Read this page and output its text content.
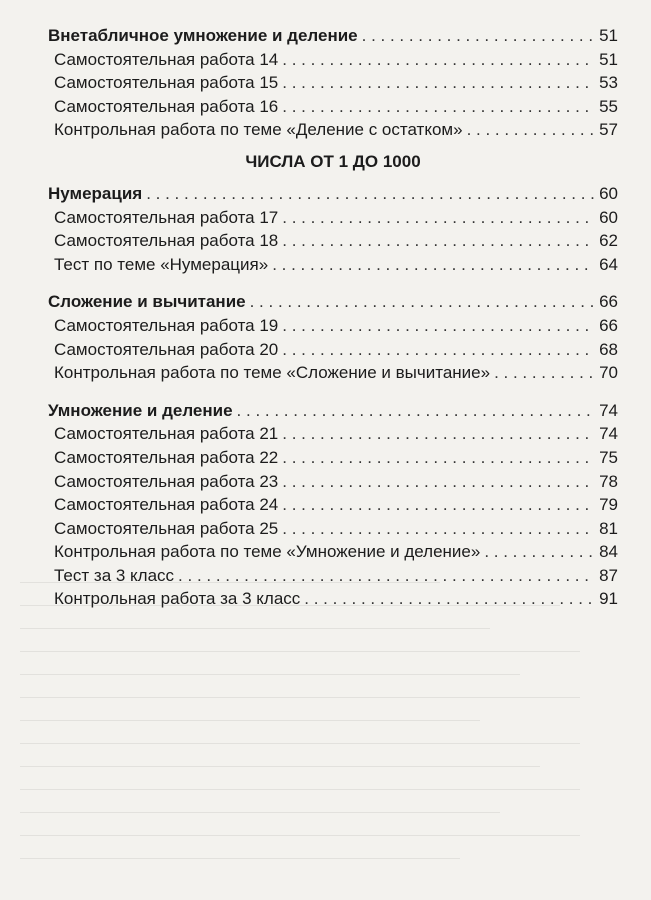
Внетабличное умножение и деление . . .	51
Самостоятельная работа 14 . . .	51
Самостоятельная работа 15 . . .	53
Самостоятельная работа 16 . . .	55
Контрольная работа по теме «Деление с остатком» . . .	57
ЧИСЛА ОТ 1 ДО 1000
Нумерация . . .	60
Самостоятельная работа 17 . . .	60
Самостоятельная работа 18 . . .	62
Тест по теме «Нумерация» . . .	64
Сложение и вычитание . . .	66
Самостоятельная работа 19 . . .	66
Самостоятельная работа 20 . . .	68
Контрольная работа по теме «Сложение и вычитание» . . .	70
Умножение и деление . . .	74
Самостоятельная работа 21 . . .	74
Самостоятельная работа 22 . . .	75
Самостоятельная работа 23 . . .	78
Самостоятельная работа 24 . . .	79
Самостоятельная работа 25 . . .	81
Контрольная работа по теме «Умножение и деление» . . .	84
Тест за 3 класс . . .	87
Контрольная работа за 3 класс . . .	91
